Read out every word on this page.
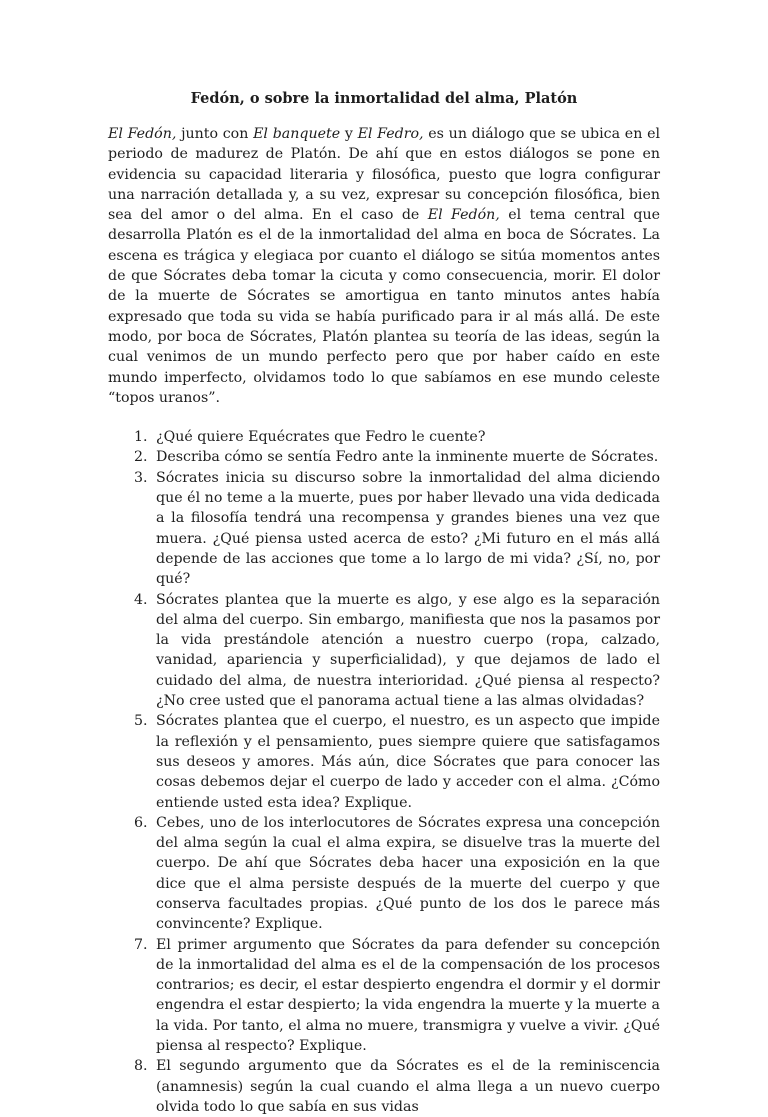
Fedón, o sobre la inmortalidad del alma, Platón

El Fedón, junto con El banquete y El Fedro, es un diálogo que se ubica en el periodo de madurez de Platón. De ahí que en estos diálogos se pone en evidencia su capacidad literaria y filosófica, puesto que logra configurar una narración detallada y, a su vez, expresar su concepción filosófica, bien sea del amor o del alma. En el caso de El Fedón, el tema central que desarrolla Platón es el de la inmortalidad del alma en boca de Sócrates. La escena es trágica y elegiaca por cuanto el diálogo se sitúa momentos antes de que Sócrates deba tomar la cicuta y como consecuencia, morir. El dolor de la muerte de Sócrates se amortigua en tanto minutos antes había expresado que toda su vida se había purificado para ir al más allá. De este modo, por boca de Sócrates, Platón plantea su teoría de las ideas, según la cual venimos de un mundo perfecto pero que por haber caído en este mundo imperfecto, olvidamos todo lo que sabíamos en ese mundo celeste “topos uranos”.

1. ¿Qué quiere Equécrates que Fedro le cuente?
2. Describa cómo se sentía Fedro ante la inminente muerte de Sócrates.
3. Sócrates inicia su discurso sobre la inmortalidad del alma diciendo que él no teme a la muerte, pues por haber llevado una vida dedicada a la filosofía tendrá una recompensa y grandes bienes una vez que muera. ¿Qué piensa usted acerca de esto? ¿Mi futuro en el más allá depende de las acciones que tome a lo largo de mi vida? ¿Sí, no, por qué?
4. Sócrates plantea que la muerte es algo, y ese algo es la separación del alma del cuerpo. Sin embargo, manifiesta que nos la pasamos por la vida prestándole atención a nuestro cuerpo (ropa, calzado, vanidad, apariencia y superficialidad), y que dejamos de lado el cuidado del alma, de nuestra interioridad. ¿Qué piensa al respecto? ¿No cree usted que el panorama actual tiene a las almas olvidadas?
5. Sócrates plantea que el cuerpo, el nuestro, es un aspecto que impide la reflexión y el pensamiento, pues siempre quiere que satisfagamos sus deseos y amores. Más aún, dice Sócrates que para conocer las cosas debemos dejar el cuerpo de lado y acceder con el alma. ¿Cómo entiende usted esta idea? Explique.
6. Cebes, uno de los interlocutores de Sócrates expresa una concepción del alma según la cual el alma expira, se disuelve tras la muerte del cuerpo. De ahí que Sócrates deba hacer una exposición en la que dice que el alma persiste después de la muerte del cuerpo y que conserva facultades propias. ¿Qué punto de los dos le parece más convincente? Explique.
7. El primer argumento que Sócrates da para defender su concepción de la inmortalidad del alma es el de la compensación de los procesos contrarios; es decir, el estar despierto engendra el dormir y el dormir engendra el estar despierto; la vida engendra la muerte y la muerte a la vida. Por tanto, el alma no muere, transmigra y vuelve a vivir. ¿Qué piensa al respecto? Explique.
8. El segundo argumento que da Sócrates es el de la reminiscencia (anamnesis) según la cual cuando el alma llega a un nuevo cuerpo olvida todo lo que sabía en sus vidas
